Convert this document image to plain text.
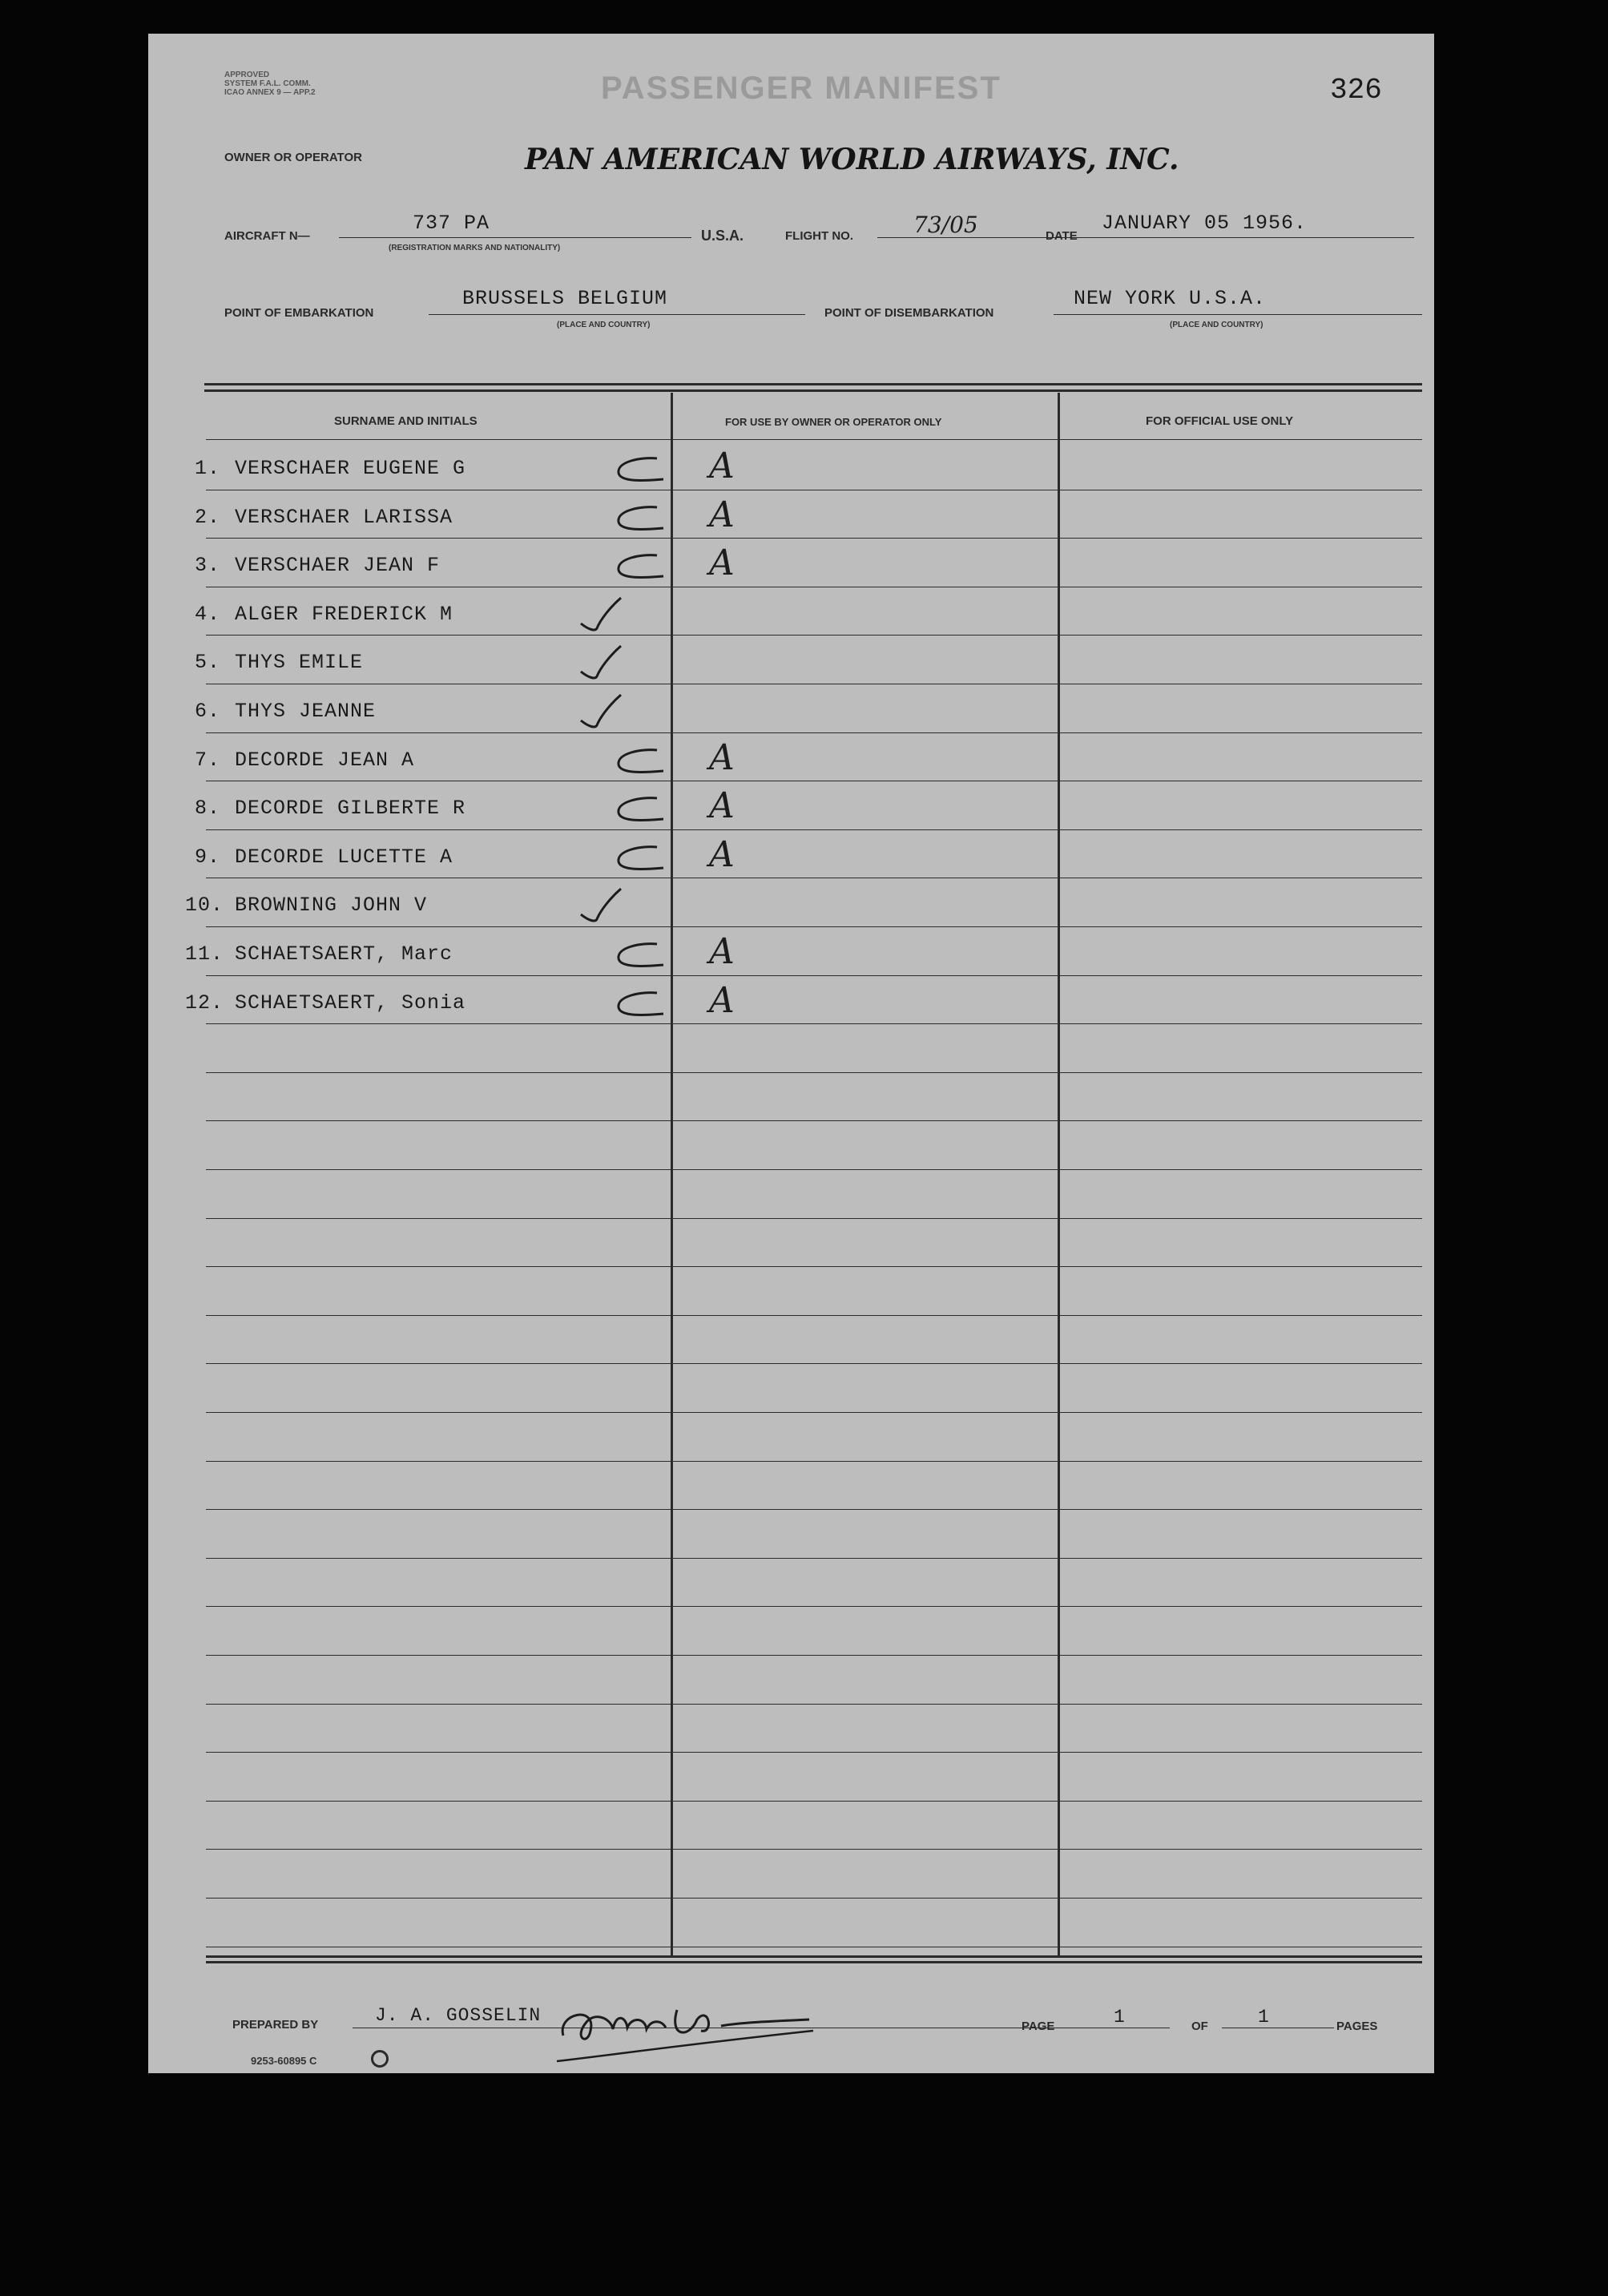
APPROVED
SYSTEM F.A.L. COMM.
ICAO ANNEX 9 — APP.2	PASSENGER MANIFEST	326
OWNER OR OPERATOR	PAN AMERICAN WORLD AIRWAYS, INC.
AIRCRAFT N—
737 PA
(REGISTRATION MARKS AND NATIONALITY)
U.S.A.	FLIGHT NO.	73/05	DATE
JANUARY 05 1956.
POINT OF EMBARKATION
BRUSSELS BELGIUM
(PLACE AND COUNTRY)
POINT OF DISEMBARKATION
NEW YORK U.S.A.
(PLACE AND COUNTRY)
SURNAME AND INITIALS	FOR USE BY OWNER OR OPERATOR ONLY	FOR OFFICIAL USE ONLY
1. VERSCHAER EUGENE G	A
2. VERSCHAER LARISSA	A
3. VERSCHAER JEAN F	A
4. ALGER FREDERICK M
5. THYS EMILE
6. THYS JEANNE
7. DECORDE JEAN A	A
8. DECORDE GILBERTE R	A
9. DECORDE LUCETTE A	A
10. BROWNING JOHN V
11. SCHAETSAERT, Marc	A
12. SCHAETSAERT, Sonia	A
PREPARED BY	J. A. GOSSELIN
PAGE	1	OF	1	PAGES
9253-60895 C
